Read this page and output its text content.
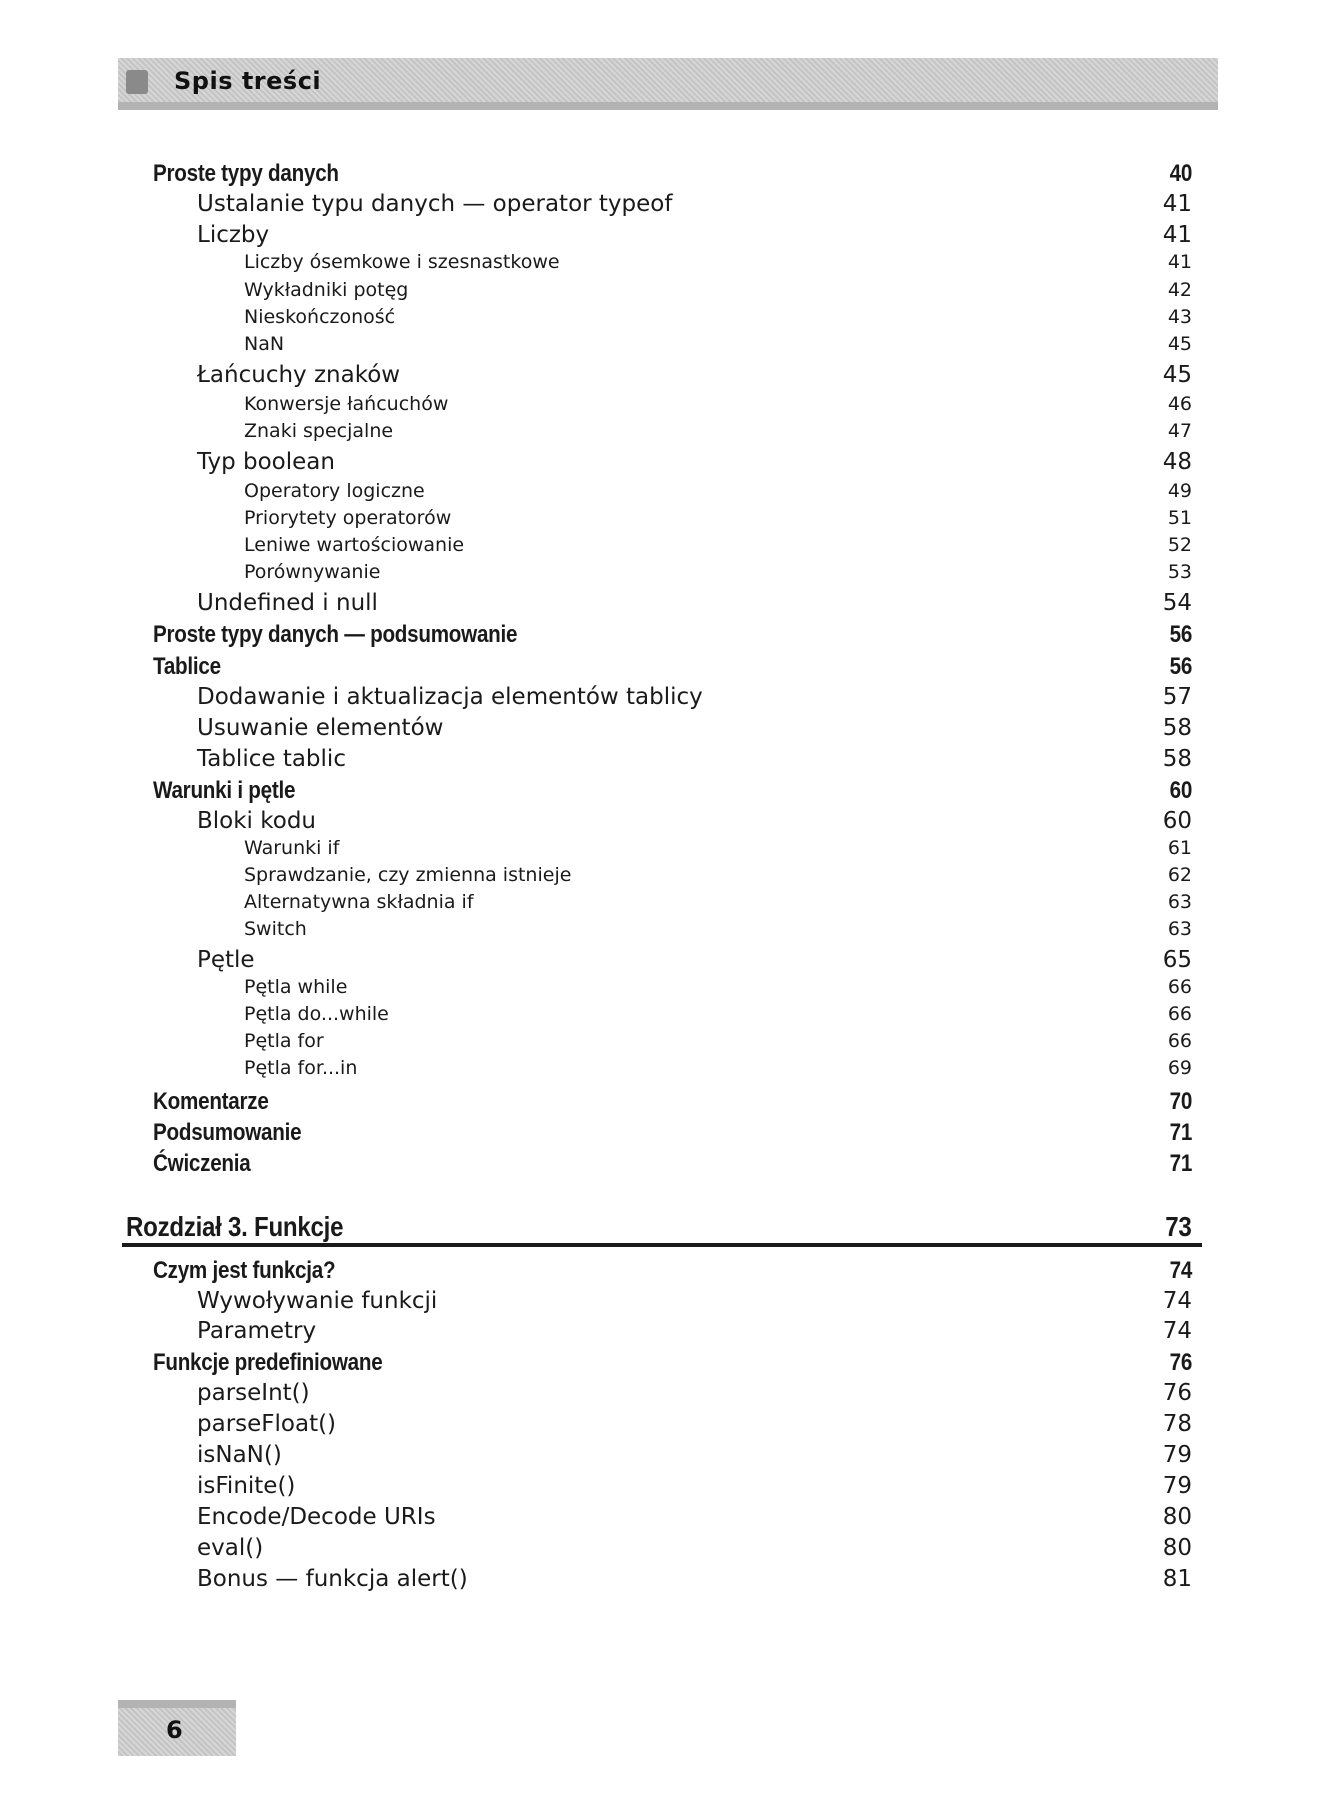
Spis treści
Proste typy danych	40
Ustalanie typu danych — operator typeof	41
Liczby	41
Liczby ósemkowe i szesnastkowe	41
Wykładniki potęg	42
Nieskończoność	43
NaN	45
Łańcuchy znaków	45
Konwersje łańcuchów	46
Znaki specjalne	47
Typ boolean	48
Operatory logiczne	49
Priorytety operatorów	51
Leniwe wartościowanie	52
Porównywanie	53
Undefined i null	54
Proste typy danych — podsumowanie	56
Tablice	56
Dodawanie i aktualizacja elementów tablicy	57
Usuwanie elementów	58
Tablice tablic	58
Warunki i pętle	60
Bloki kodu	60
Warunki if	61
Sprawdzanie, czy zmienna istnieje	62
Alternatywna składnia if	63
Switch	63
Pętle	65
Pętla while	66
Pętla do...while	66
Pętla for	66
Pętla for...in	69
Komentarze	70
Podsumowanie	71
Ćwiczenia	71
Rozdział 3. Funkcje	73
Czym jest funkcja?	74
Wywoływanie funkcji	74
Parametry	74
Funkcje predefiniowane	76
parseInt()	76
parseFloat()	78
isNaN()	79
isFinite()	79
Encode/Decode URIs	80
eval()	80
Bonus — funkcja alert()	81
6
